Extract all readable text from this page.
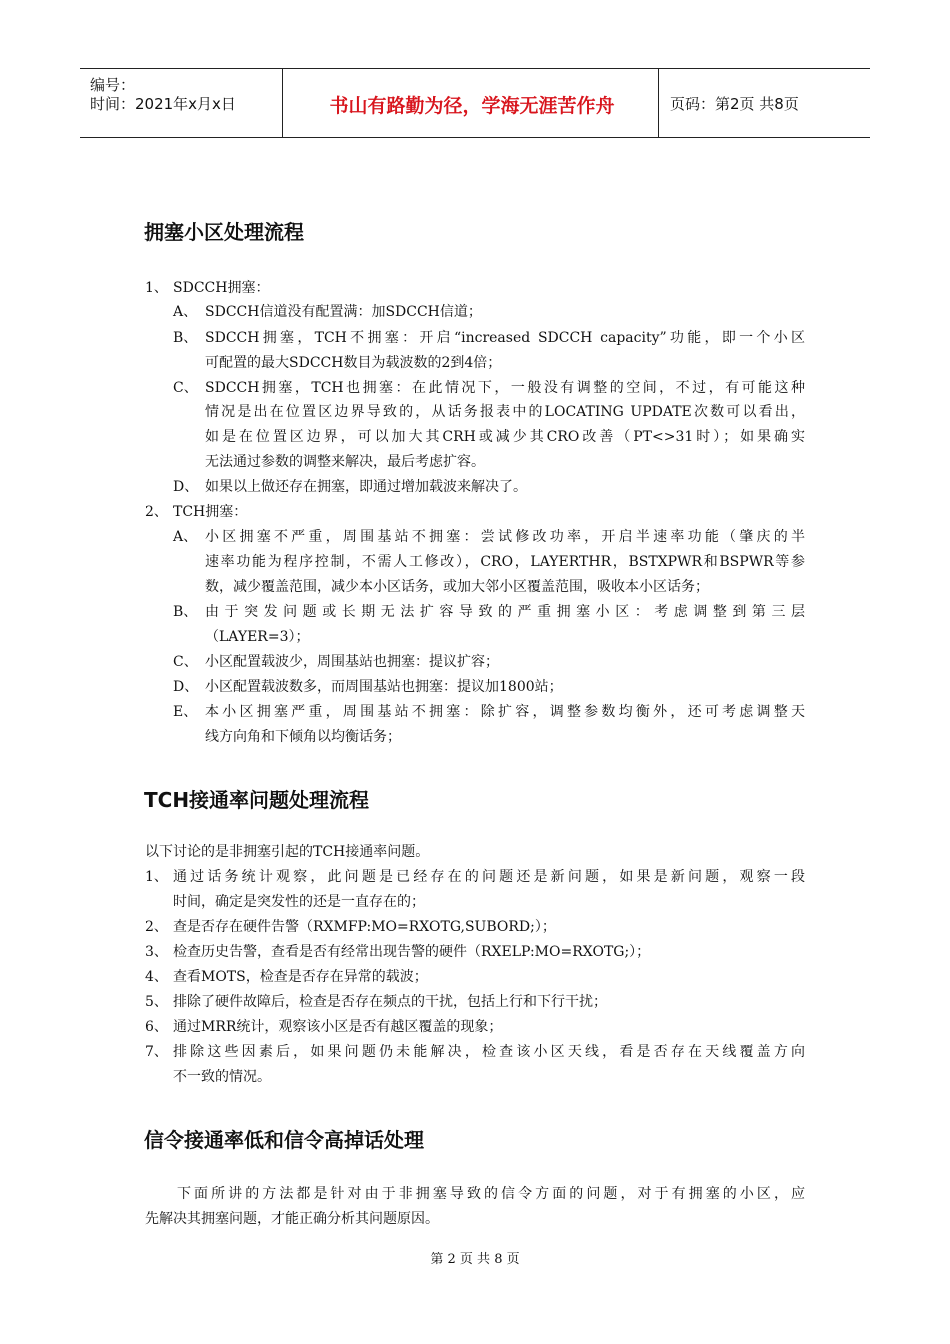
编号：
时间：2021年x月x日	书山有路勤为径，学海无涯苦作舟	页码：第2页 共8页
拥塞小区处理流程
1、 SDCCH拥塞：
A、 SDCCH信道没有配置满：加SDCCH信道；
B、 SDCCH拥塞，TCH不拥塞：开启“increased SDCCH capacity”功能，即一个小区
可配置的最大SDCCH数目为载波数的2到4倍；
C、 SDCCH拥塞，TCH也拥塞：在此情况下，一般没有调整的空间，不过，有可能这种
情况是出在位置区边界导致的，从话务报表中的LOCATING UPDATE次数可以看出，
如是在位置区边界，可以加大其CRH或减少其CRO改善（PT<>31时）；如果确实
无法通过参数的调整来解决，最后考虑扩容。
D、 如果以上做还存在拥塞，即通过增加载波来解决了。
2、 TCH拥塞：
A、 小区拥塞不严重，周围基站不拥塞：尝试修改功率，开启半速率功能（肇庆的半
速率功能为程序控制，不需人工修改），CRO，LAYERTHR，BSTXPWR和BSPWR等参
数，减少覆盖范围，减少本小区话务，或加大邻小区覆盖范围，吸收本小区话务；
B、 由于突发问题或长期无法扩容导致的严重拥塞小区：考虑调整到第三层
（LAYER=3）；
C、 小区配置载波少，周围基站也拥塞：提议扩容；
D、 小区配置载波数多，而周围基站也拥塞：提议加1800站；
E、 本小区拥塞严重，周围基站不拥塞：除扩容，调整参数均衡外，还可考虑调整天
线方向角和下倾角以均衡话务；
TCH接通率问题处理流程
以下讨论的是非拥塞引起的TCH接通率问题。
1、 通过话务统计观察，此问题是已经存在的问题还是新问题，如果是新问题，观察一段
时间，确定是突发性的还是一直存在的；
2、 查是否存在硬件告警（RXMFP:MO=RXOTG,SUBORD;）；
3、 检查历史告警，查看是否有经常出现告警的硬件（RXELP:MO=RXOTG;）；
4、 查看MOTS，检查是否存在异常的载波；
5、 排除了硬件故障后，检查是否存在频点的干扰，包括上行和下行干扰；
6、 通过MRR统计，观察该小区是否有越区覆盖的现象；
7、 排除这些因素后，如果问题仍未能解决，检查该小区天线，看是否存在天线覆盖方向
不一致的情况。
信令接通率低和信令高掉话处理
下面所讲的方法都是针对由于非拥塞导致的信令方面的问题，对于有拥塞的小区，应
先解决其拥塞问题，才能正确分析其问题原因。
第 2 页 共 8 页
